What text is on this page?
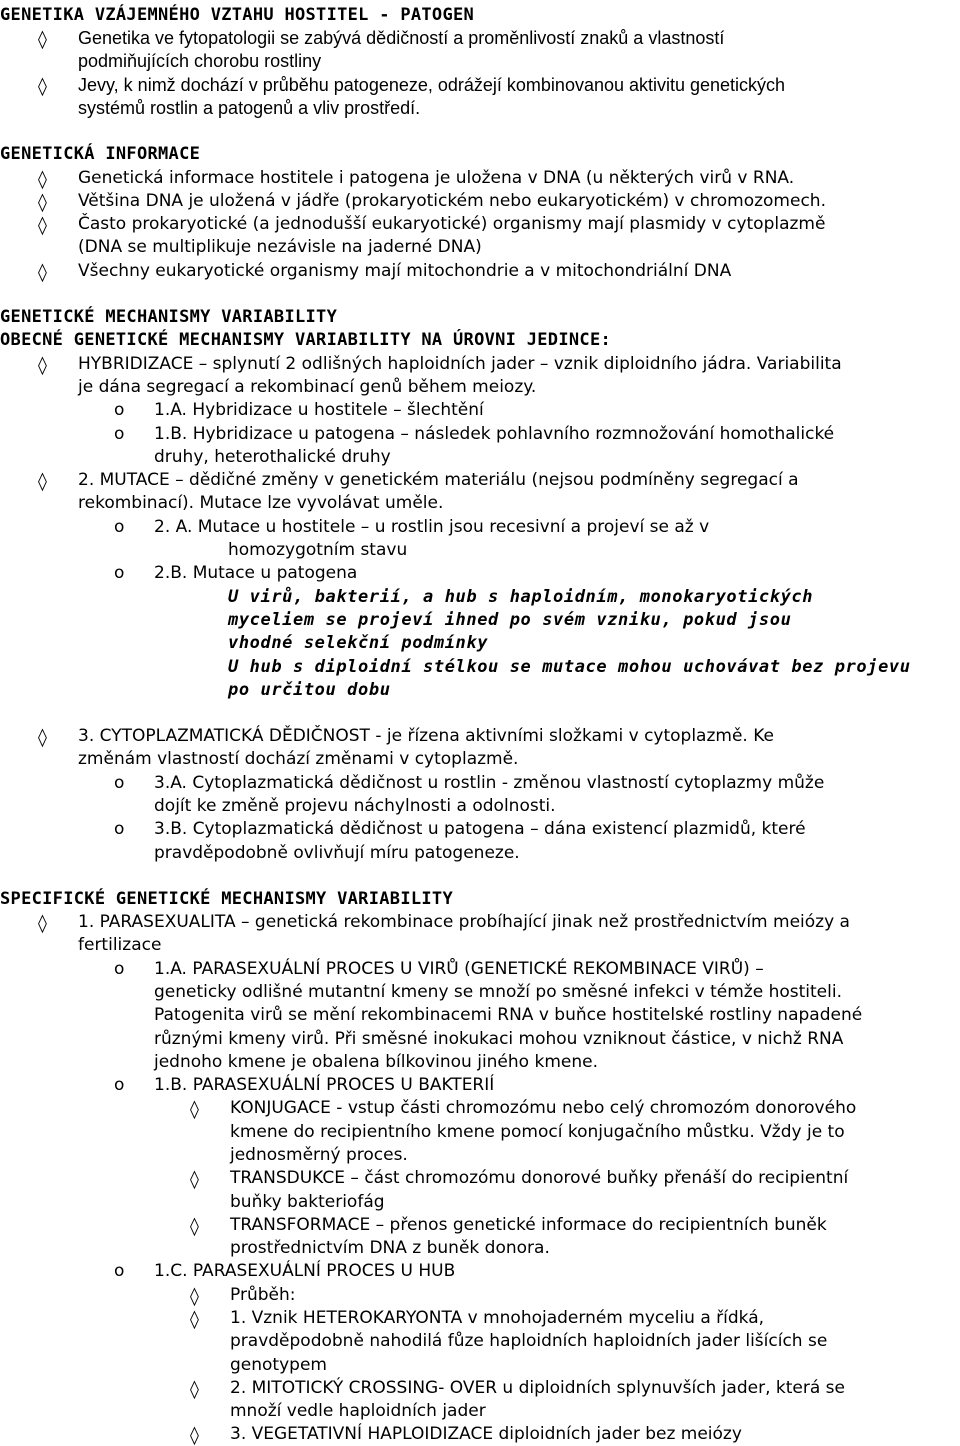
GENETIKA VZÁJEMNÉHO VZTAHU HOSTITEL - PATOGEN
◊ Genetika ve fytopatologii se zabývá dědičností a proměnlivostí znaků a vlastností
podmiňujících chorobu rostliny
◊ Jevy, k nimž dochází v průběhu patogeneze, odrážejí kombinovanou aktivitu genetických
systémů rostlin a patogenů a vliv prostředí.
GENETICKÁ INFORMACE
◊ Genetická informace hostitele i patogena je uložena v DNA (u některých virů v RNA.
◊ Většina DNA je uložená v jádře (prokaryotickém nebo eukaryotickém) v chromozomech.
◊ Často prokaryotické (a jednodušší eukaryotické) organismy mají plasmidy v cytoplazmě
(DNA se multiplikuje nezávisle na jaderné DNA)
◊ Všechny eukaryotické organismy mají mitochondrie a v mitochondriální DNA
GENETICKÉ MECHANISMY VARIABILITY
OBECNÉ GENETICKÉ MECHANISMY VARIABILITY NA ÚROVNI JEDINCE:
◊ HYBRIDIZACE – splynutí 2 odlišných haploidních jader – vznik diploidního jádra. Variabilita
je dána segregací a rekombinací genů během meiozy.
o 1.A. Hybridizace u hostitele – šlechtění
o 1.B. Hybridizace u patogena – následek pohlavního rozmnožování homothalické
druhy, heterothalické druhy
◊ 2. MUTACE – dědičné změny v genetickém materiálu (nejsou podmíněny segregací a
rekombinací). Mutace lze vyvolávat uměle.
o 2. A. Mutace u hostitele – u rostlin jsou recesivní a projeví se až v
homozygotním stavu
o 2.B. Mutace u patogena
U virů, bakterií, a hub s haploidním, monokaryotických
myceliem se projeví ihned po svém vzniku, pokud jsou
vhodné selekční podmínky
U hub s diploidní stélkou se mutace mohou uchovávat bez projevu
po určitou dobu
◊ 3. CYTOPLAZMATICKÁ DĚDIČNOST - je řízena aktivními složkami v cytoplazmě. Ke
změnám vlastností dochází změnami v cytoplazmě.
o 3.A. Cytoplazmatická dědičnost u rostlin - změnou vlastností cytoplazmy může
dojít ke změně projevu náchylnosti a odolnosti.
o 3.B. Cytoplazmatická dědičnost u patogena – dána existencí plazmidů, které
pravděpodobně ovlivňují míru patogeneze.
SPECIFICKÉ GENETICKÉ MECHANISMY VARIABILITY
◊ 1. PARASEXUALITA – genetická rekombinace probíhající jinak než prostřednictvím meiózy a
fertilizace
o 1.A. PARASEXUÁLNÍ PROCES U VIRŮ (GENETICKÉ REKOMBINACE VIRŮ) –
geneticky odlišné mutantní kmeny se množí po směsné infekci v témže hostiteli.
Patogenita virů se mění rekombinacemi RNA v buňce hostitelské rostliny napadené
různými kmeny virů. Při směsné inokukaci mohou vzniknout částice, v nichž RNA
jednoho kmene je obalena bílkovinou jiného kmene.
o 1.B. PARASEXUÁLNÍ PROCES U BAKTERIÍ
◊ KONJUGACE - vstup části chromozómu nebo celý chromozóm donorového
kmene do recipientního kmene pomocí konjugačního můstku. Vždy je to
jednosměrný proces.
◊ TRANSDUKCE – část chromozómu donorové buňky přenáší do recipientní
buňky bakteriofág
◊ TRANSFORMACE – přenos genetické informace do recipientních buněk
prostřednictvím DNA z buněk donora.
o 1.C. PARASEXUÁLNÍ PROCES U HUB
◊ Průběh:
◊ 1. Vznik HETEROKARYONTA v mnohojaderném myceliu a řídká,
pravděpodobně nahodilá fůze haploidních haploidních jader lišících se
genotypem
◊ 2. MITOTICKÝ CROSSING- OVER u diploidních splynuvších jader, která se
množí vedle haploidních jader
◊ 3. VEGETATIVNÍ HAPLOIDIZACE diploidních jader bez meiózy
